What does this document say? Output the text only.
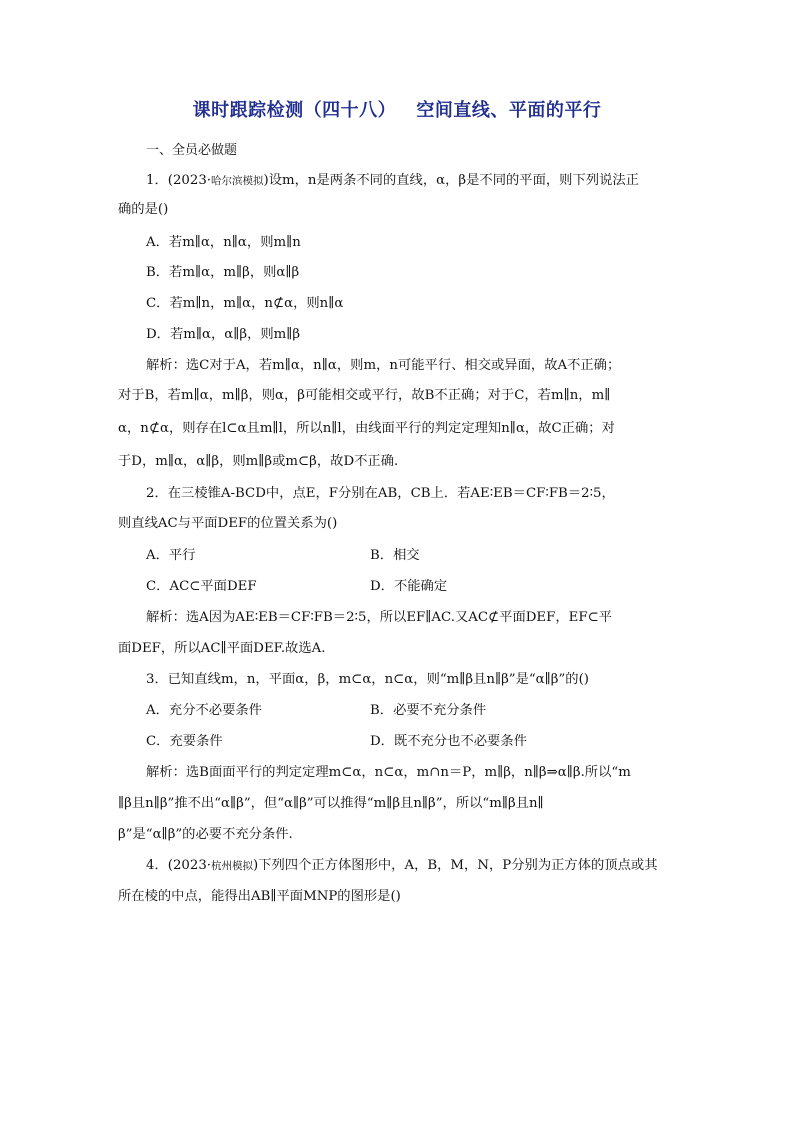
课时跟踪检测（四十八）   空间直线、平面的平行
一、全员必做题
1．(2023·哈尔滨模拟)设m，n是两条不同的直线，α，β是不同的平面，则下列说法正
确的是()
A．若m∥α，n∥α，则m∥n
B．若m∥α，m∥β，则α∥β
C．若m∥n，m∥α，n⊄α，则n∥α
D．若m∥α，α∥β，则m∥β
解析：选C对于A，若m∥α，n∥α，则m，n可能平行、相交或异面，故A不正确；
对于B，若m∥α，m∥β，则α，β可能相交或平行，故B不正确；对于C，若m∥n，m∥
α，n⊄α，则存在l⊂α且m∥l，所以n∥l，由线面平行的判定定理知n∥α，故C正确；对
于D，m∥α，α∥β，则m∥β或m⊂β，故D不正确.
2．在三棱锥A-BCD中，点E，F分别在AB，CB上．若AE∶EB＝CF∶FB＝2∶5，
则直线AC与平面DEF的位置关系为()
A．平行	B．相交
C．AC⊂平面DEF	D．不能确定
解析：选A因为AE∶EB＝CF∶FB＝2∶5，所以EF∥AC.又AC⊄平面DEF，EF⊂平
面DEF，所以AC∥平面DEF.故选A.
3．已知直线m，n，平面α，β，m⊂α，n⊂α，则“m∥β且n∥β”是“α∥β”的()
A．充分不必要条件	B．必要不充分条件
C．充要条件	D．既不充分也不必要条件
解析：选B面面平行的判定定理m⊂α，n⊂α，m∩n＝P，m∥β，n∥β⇒α∥β.所以“m
∥β且n∥β”推不出“α∥β”，但“α∥β”可以推得“m∥β且n∥β”，所以“m∥β且n∥
β”是“α∥β”的必要不充分条件.
4．(2023·杭州模拟)下列四个正方体图形中，A，B，M，N，P分别为正方体的顶点或其
所在棱的中点，能得出AB∥平面MNP的图形是()
